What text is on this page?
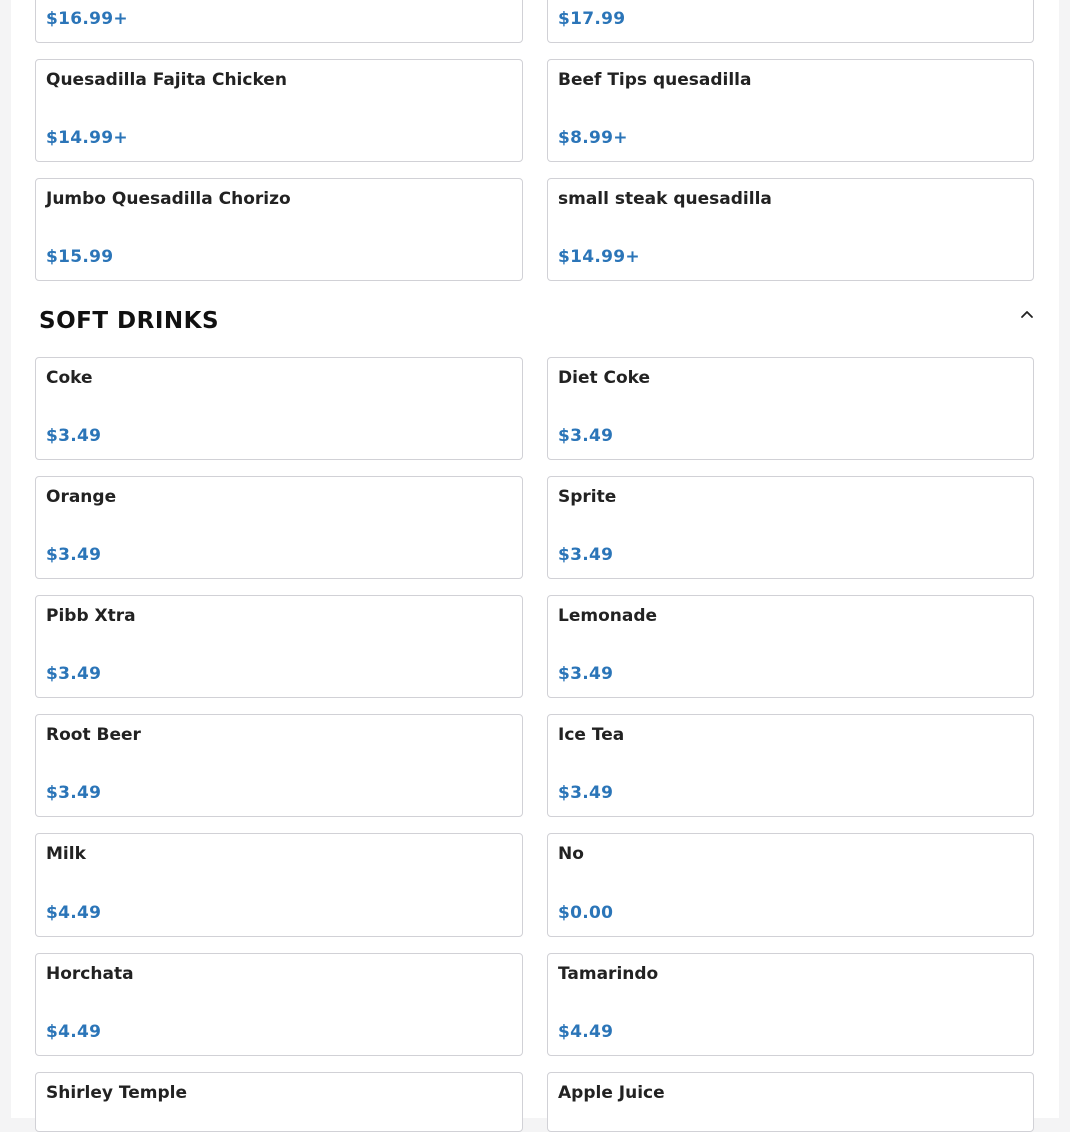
$16.99+	$17.99
Quesadilla Fajita Chicken
$14.99+
Beef Tips quesadilla
$8.99+
Jumbo Quesadilla Chorizo
$15.99
small steak quesadilla
$14.99+
SOFT DRINKS
Coke
$3.49
Diet Coke
$3.49
Orange
$3.49
Sprite
$3.49
Pibb Xtra
$3.49
Lemonade
$3.49
Root Beer
$3.49
Ice Tea
$3.49
Milk
$4.49
No
$0.00
Horchata
$4.49
Tamarindo
$4.49
Shirley Temple	Apple Juice
